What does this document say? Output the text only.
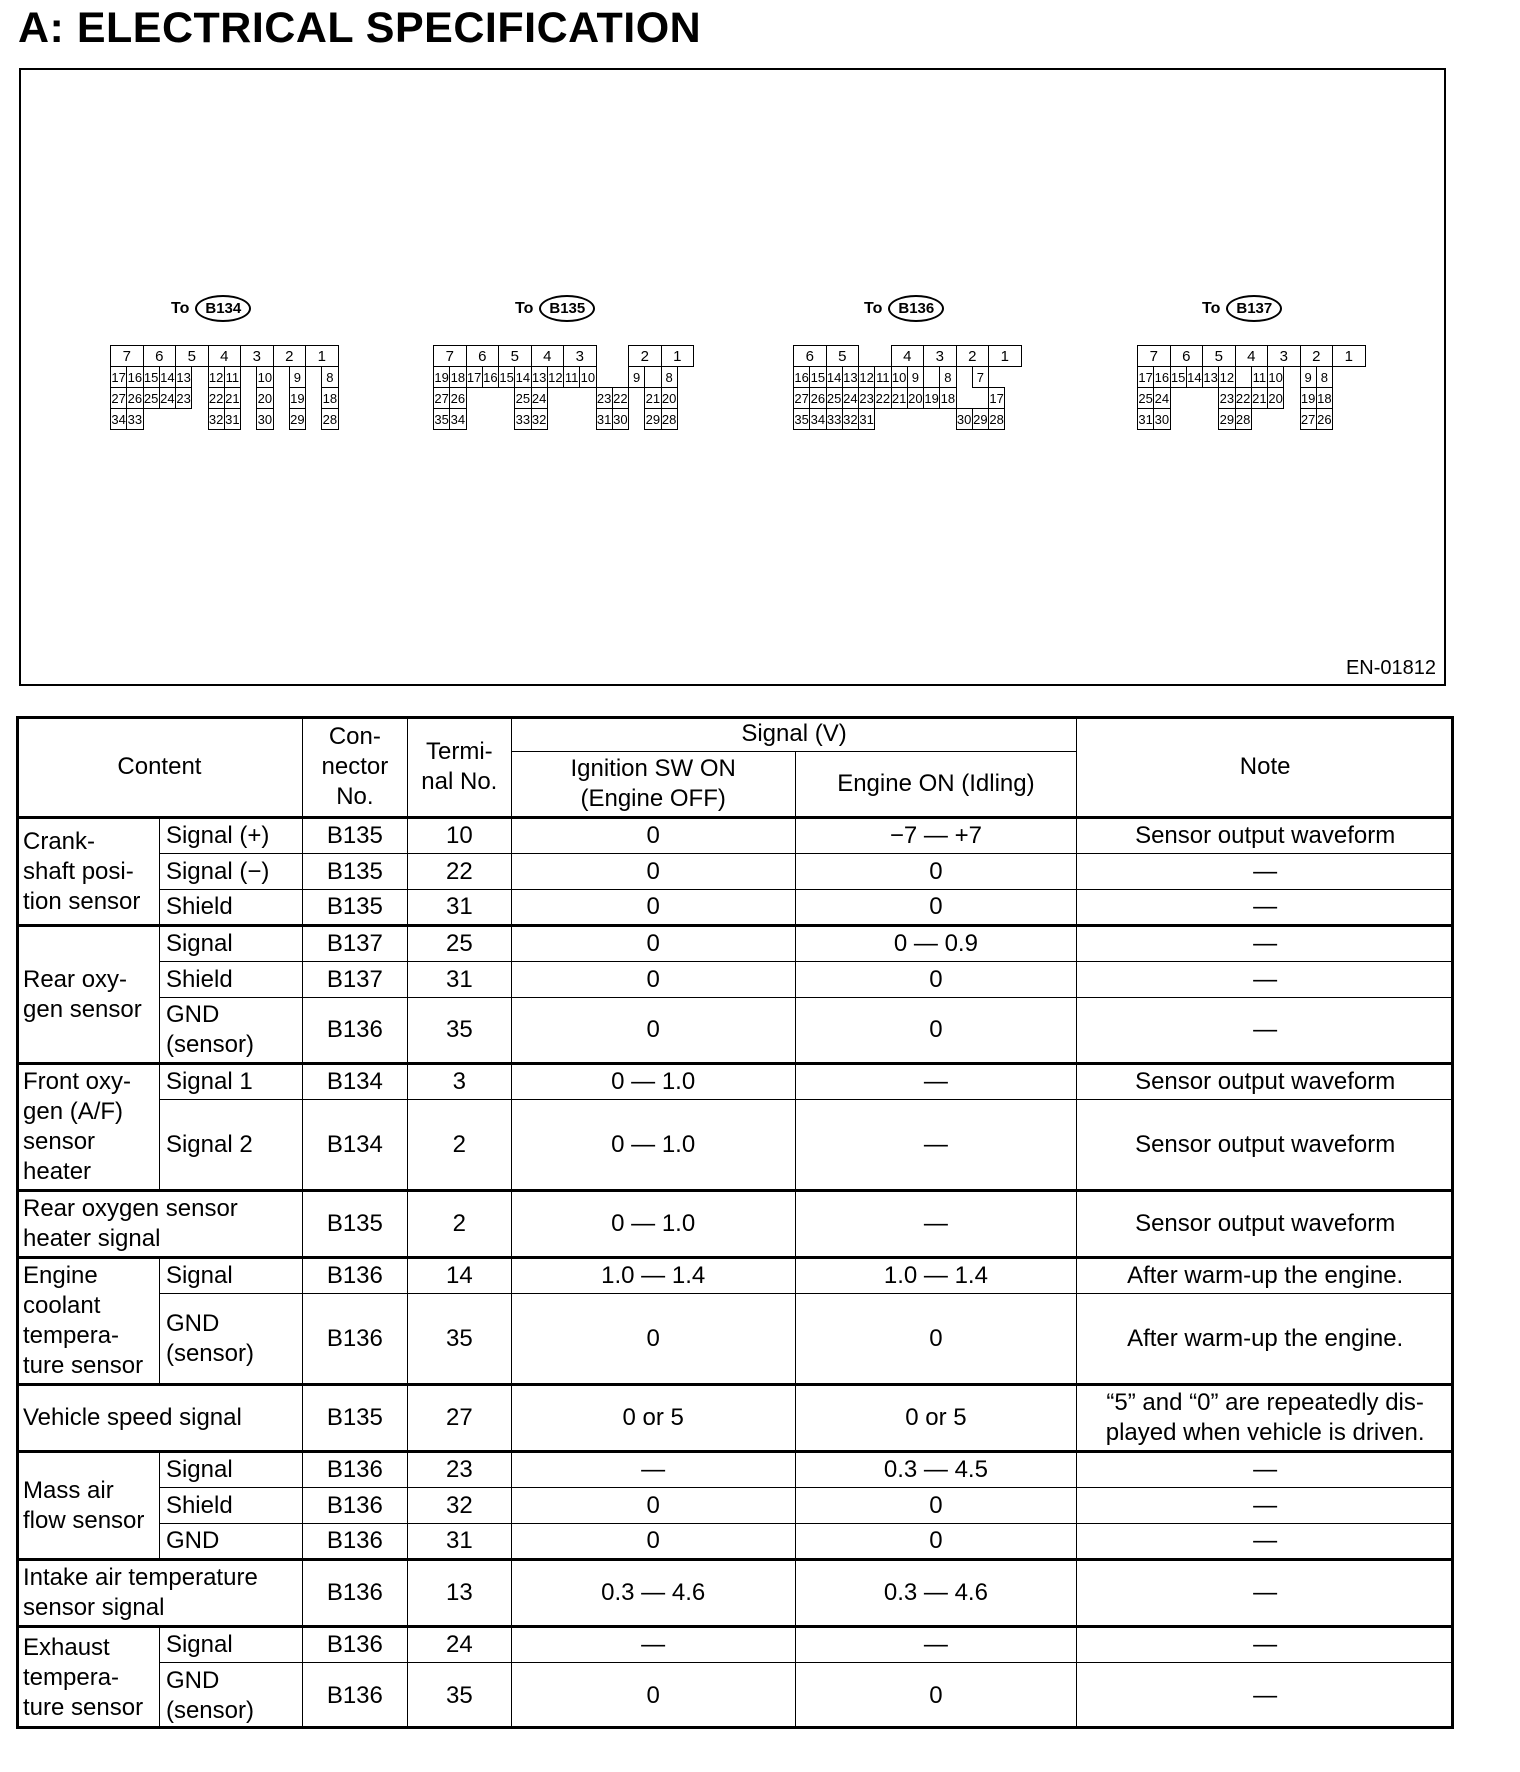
A: ELECTRICAL SPECIFICATION
To	B134
7	6	5	4	3	2	1
17 16 15 14 13 12 11 10	9	8
27 26 25 24 23 22 21 20 19 18
34 33	32 31 30 29 28
To	B135
7	6	5	4	3	2	1
19 18 17 16 15 14 13 12 11 10	9	8
27 26	25 24	23 22 21 20
35 34	33 32	31 30 29 28
To	B136
6	5	4	3	2	1
16 15 14 13 12 11 10 9	8	7
27 26 25 24 23 22 21 20 19 18	17
35 34 33 32 31	30 29 28
To	B137
7	6	5	4	3	2	1
17 16 15 14 13 12 11 10	9 8
25 24	23 22 21 20 19 18
31 30	29 28	27 26
EN-01812
Content		Con-
nector
No.	Termi-
nal No.	Signal (V)		Note
				Ignition SW ON
(Engine OFF)	Engine ON (Idling)	
Crank-
shaft posi-
tion sensor	Signal (+)	B135	10	0	−7 — +7	Sensor output waveform
	Signal (−)	B135	22	0	0	—
	Shield	B135	31	0	0	—
Rear oxy-
gen sensor	Signal	B137	25	0	0 — 0.9	—
	Shield	B137	31	0	0	—
	GND
(sensor)	B136	35	0	0	—
Front oxy-
gen (A/F)
sensor
heater	Signal 1	B134	3	0 — 1.0	—	Sensor output waveform
	Signal 2	B134	2	0 — 1.0	—	Sensor output waveform
Rear oxygen sensor
heater signal		B135	2	0 — 1.0	—	Sensor output waveform
Engine
coolant
tempera-
ture sensor	Signal	B136	14	1.0 — 1.4	1.0 — 1.4	After warm-up the engine.
	GND
(sensor)	B136	35	0	0	After warm-up the engine.
Vehicle speed signal		B135	27	0 or 5	0 or 5	“5” and “0” are repeatedly dis-
played when vehicle is driven.
Mass air
flow sensor	Signal	B136	23	—	0.3 — 4.5	—
	Shield	B136	32	0	0	—
	GND	B136	31	0	0	—
Intake air temperature
sensor signal		B136	13	0.3 — 4.6	0.3 — 4.6	—
Exhaust
tempera-
ture sensor	Signal	B136	24	—	—	—
	GND
(sensor)	B136	35	0	0	—
